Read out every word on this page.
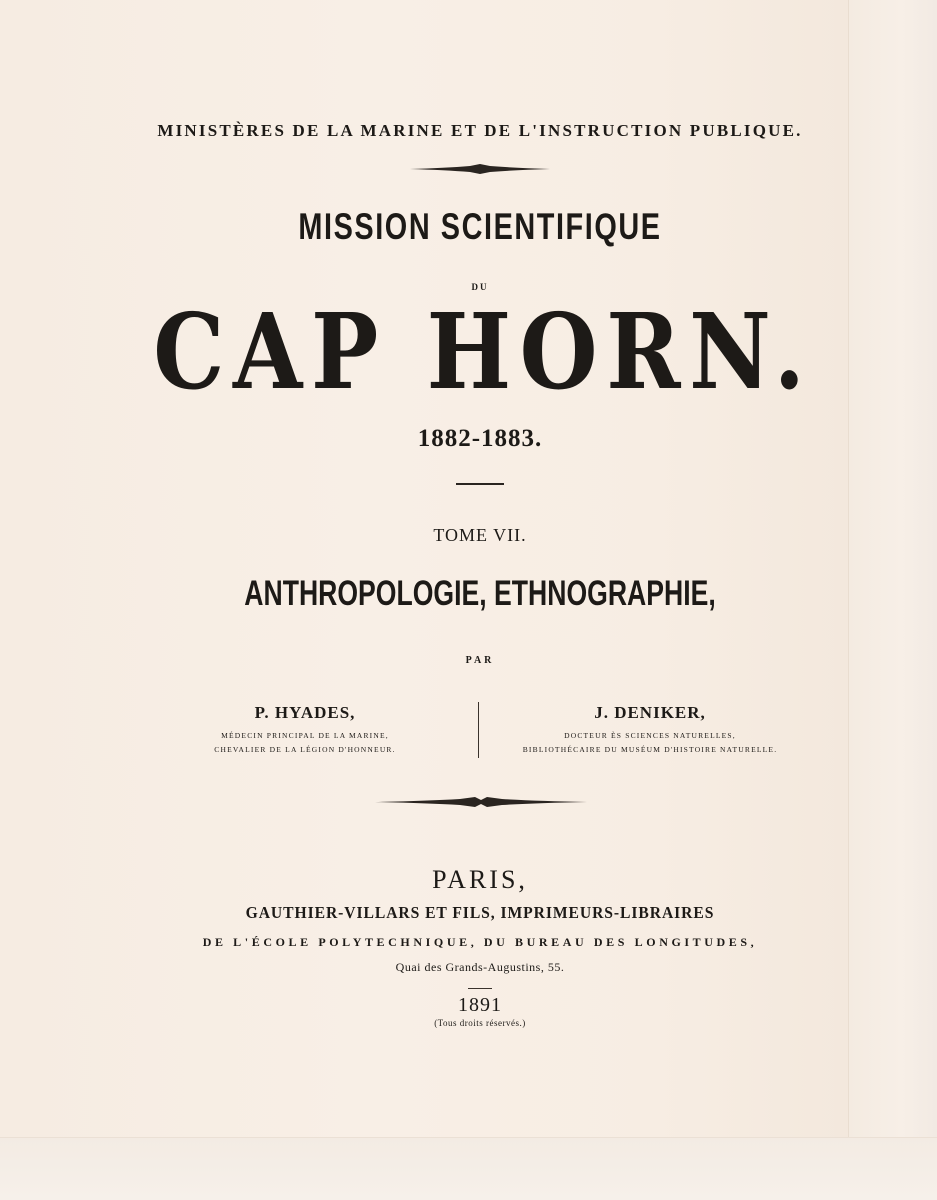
MINISTÈRES DE LA MARINE ET DE L'INSTRUCTION PUBLIQUE.
MISSION SCIENTIFIQUE
DU
CAP HORN.
1882-1883.
TOME VII.
ANTHROPOLOGIE, ETHNOGRAPHIE,
PAR
P. HYADES,
MÉDECIN PRINCIPAL DE LA MARINE,
CHEVALIER DE LA LÉGION D'HONNEUR.
J. DENIKER,
DOCTEUR ÈS SCIENCES NATURELLES,
BIBLIOTHÉCAIRE DU MUSÉUM D'HISTOIRE NATURELLE.
PARIS,
GAUTHIER-VILLARS ET FILS, IMPRIMEURS-LIBRAIRES
DE L'ÉCOLE POLYTECHNIQUE, DU BUREAU DES LONGITUDES,
Quai des Grands-Augustins, 55.
1891
(Tous droits réservés.)
